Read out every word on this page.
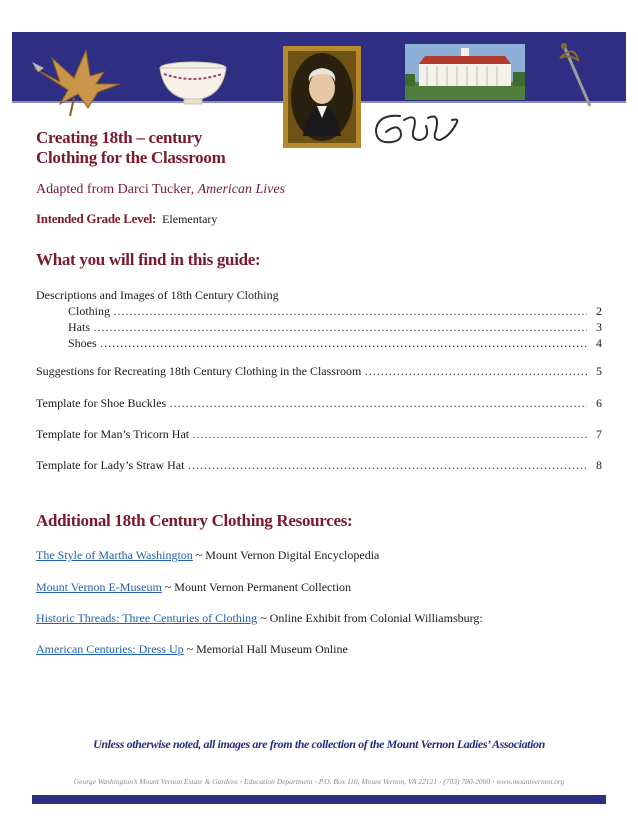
Creating 18th – century
Clothing for the Classroom
Adapted from Darci Tucker, American Lives
Intended Grade Level: Elementary
What you will find in this guide:
Descriptions and Images of 18th Century Clothing
Clothing ……………………………………………………………………………………………………………………………………………………………………	2
Hats ……………………………………………………………………………………………………………………………………………………………………	3
Shoes ……………………………………………………………………………………………………………………………………………………………………	4
Suggestions for Recreating 18th Century Clothing in the Classroom ……………………………………………………………………………………………………………………………………………………………………	5
Template for Shoe Buckles ……………………………………………………………………………………………………………………………………………………………………	6
Template for Man’s Tricorn Hat ……………………………………………………………………………………………………………………………………………………………………	7
Template for Lady’s Straw Hat ……………………………………………………………………………………………………………………………………………………………………	8
Additional 18th Century Clothing Resources:
The Style of Martha Washington ~ Mount Vernon Digital Encyclopedia
Mount Vernon E-Museum ~ Mount Vernon Permanent Collection
Historic Threads: Three Centuries of Clothing ~ Online Exhibit from Colonial Williamsburg:
American Centuries: Dress Up ~ Memorial Hall Museum Online
Unless otherwise noted, all images are from the collection of the Mount Vernon Ladies’ Association
George Washington’s Mount Vernon Estate & Gardens › Education Department › P.O. Box 110, Mount Vernon, VA 22121 › (703) 780-2000 › www.mountvernon.org
